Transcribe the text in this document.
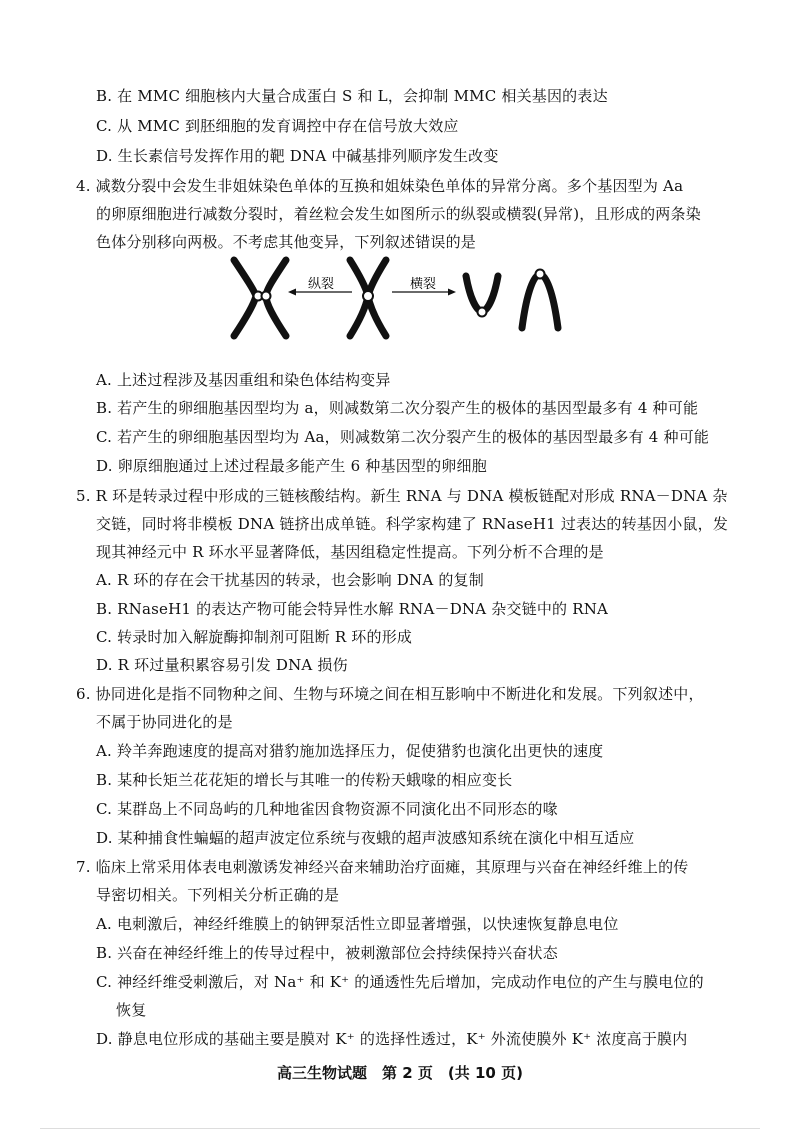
B. 在 MMC 细胞核内大量合成蛋白 S 和 L，会抑制 MMC 相关基因的表达
C. 从 MMC 到胚细胞的发育调控中存在信号放大效应
D. 生长素信号发挥作用的靶 DNA 中碱基排列顺序发生改变
4. 减数分裂中会发生非姐妹染色单体的互换和姐妹染色单体的异常分离。多个基因型为 Aa
的卵原细胞进行减数分裂时，着丝粒会发生如图所示的纵裂或横裂(异常)，且形成的两条染
色体分别移向两极。不考虑其他变异，下列叙述错误的是
纵裂	横裂
A. 上述过程涉及基因重组和染色体结构变异
B. 若产生的卵细胞基因型均为 a，则减数第二次分裂产生的极体的基因型最多有 4 种可能
C. 若产生的卵细胞基因型均为 Aa，则减数第二次分裂产生的极体的基因型最多有 4 种可能
D. 卵原细胞通过上述过程最多能产生 6 种基因型的卵细胞
5. R 环是转录过程中形成的三链核酸结构。新生 RNA 与 DNA 模板链配对形成 RNA－DNA 杂
交链，同时将非模板 DNA 链挤出成单链。科学家构建了 RNaseH1 过表达的转基因小鼠，发
现其神经元中 R 环水平显著降低，基因组稳定性提高。下列分析不合理的是
A. R 环的存在会干扰基因的转录，也会影响 DNA 的复制
B. RNaseH1 的表达产物可能会特异性水解 RNA－DNA 杂交链中的 RNA
C. 转录时加入解旋酶抑制剂可阻断 R 环的形成
D. R 环过量积累容易引发 DNA 损伤
6. 协同进化是指不同物种之间、生物与环境之间在相互影响中不断进化和发展。下列叙述中，
不属于协同进化的是
A. 羚羊奔跑速度的提高对猎豹施加选择压力，促使猎豹也演化出更快的速度
B. 某种长矩兰花花矩的增长与其唯一的传粉天蛾喙的相应变长
C. 某群岛上不同岛屿的几种地雀因食物资源不同演化出不同形态的喙
D. 某种捕食性蝙蝠的超声波定位系统与夜蛾的超声波感知系统在演化中相互适应
7. 临床上常采用体表电刺激诱发神经兴奋来辅助治疗面瘫，其原理与兴奋在神经纤维上的传
导密切相关。下列相关分析正确的是
A. 电刺激后，神经纤维膜上的钠钾泵活性立即显著增强，以快速恢复静息电位
B. 兴奋在神经纤维上的传导过程中，被刺激部位会持续保持兴奋状态
C. 神经纤维受刺激后，对 Na⁺ 和 K⁺ 的通透性先后增加，完成动作电位的产生与膜电位的
恢复
D. 静息电位形成的基础主要是膜对 K⁺ 的选择性透过，K⁺ 外流使膜外 K⁺ 浓度高于膜内
高三生物试题　第 2 页　(共 10 页)
